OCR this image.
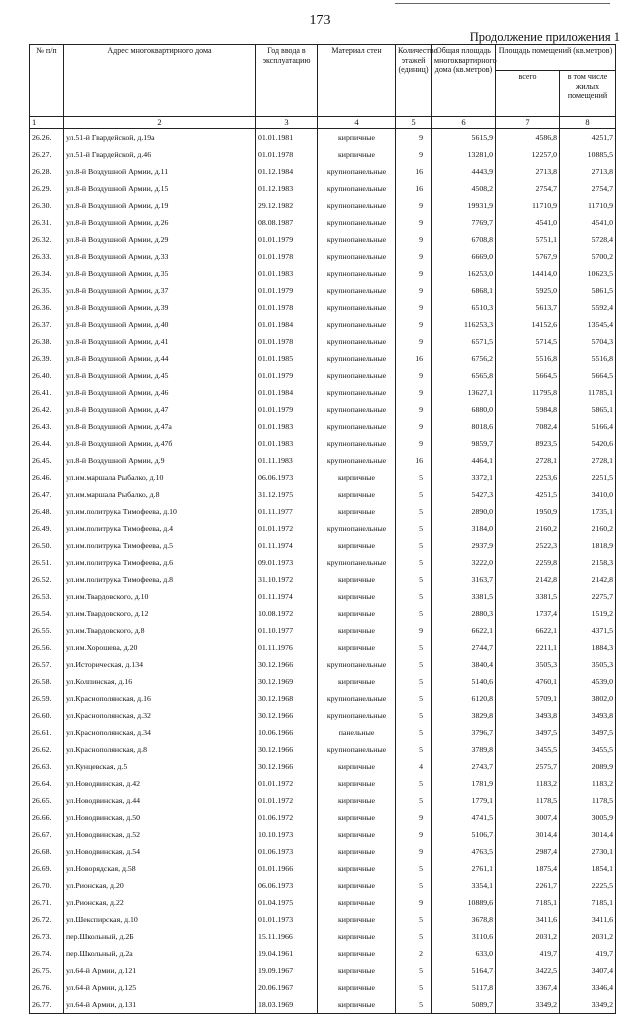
173
Продолжение приложения 1
№ п/п	Адрес многоквартирного дома	Год ввода в эксплуатацию	Материал стен	Количество этажей (единиц)	Общая площадь многоквартирного дома (кв.метров)	Площадь помещений (кв.метров)	
						всего	в том числе жилых помещений
1	2	3	4	5	6	7	8
26.26.	ул.51-й Гвардейской, д.19а	01.01.1981	кирпичные	9	5615,9	4586,8	4251,7
26.27.	ул.51-й Гвардейской, д.46	01.01.1978	кирпичные	9	13281,0	12257,0	10885,5
26.28.	ул.8-й Воздушной Армии, д.11	01.12.1984	крупнопанельные	16	4443,9	2713,8	2713,8
26.29.	ул.8-й Воздушной Армии, д.15	01.12.1983	крупнопанельные	16	4508,2	2754,7	2754,7
26.30.	ул.8-й Воздушной Армии, д.19	29.12.1982	крупнопанельные	9	19931,9	11710,9	11710,9
26.31.	ул.8-й Воздушной Армии, д.26	08.08.1987	крупнопанельные	9	7769,7	4541,0	4541,0
26.32.	ул.8-й Воздушной Армии, д.29	01.01.1979	крупнопанельные	9	6708,8	5751,1	5728,4
26.33.	ул.8-й Воздушной Армии, д.33	01.01.1978	крупнопанельные	9	6669,0	5767,9	5700,2
26.34.	ул.8-й Воздушной Армии, д.35	01.01.1983	крупнопанельные	9	16253,0	14414,0	10623,5
26.35.	ул.8-й Воздушной Армии, д.37	01.01.1979	крупнопанельные	9	6868,1	5925,0	5861,5
26.36.	ул.8-й Воздушной Армии, д.39	01.01.1978	крупнопанельные	9	6510,3	5613,7	5592,4
26.37.	ул.8-й Воздушной Армии, д.40	01.01.1984	крупнопанельные	9	116253,3	14152,6	13545,4
26.38.	ул.8-й Воздушной Армии, д.41	01.01.1978	крупнопанельные	9	6571,5	5714,5	5704,3
26.39.	ул.8-й Воздушной Армии, д.44	01.01.1985	крупнопанельные	16	6756,2	5516,8	5516,8
26.40.	ул.8-й Воздушной Армии, д.45	01.01.1979	крупнопанельные	9	6565,8	5664,5	5664,5
26.41.	ул.8-й Воздушной Армии, д.46	01.01.1984	крупнопанельные	9	13627,1	11795,8	11785,1
26.42.	ул.8-й Воздушной Армии, д.47	01.01.1979	крупнопанельные	9	6880,0	5984,8	5865,1
26.43.	ул.8-й Воздушной Армии, д.47а	01.01.1983	крупнопанельные	9	8018,6	7082,4	5166,4
26.44.	ул.8-й Воздушной Армии, д.47б	01.01.1983	крупнопанельные	9	9859,7	8923,5	5420,6
26.45.	ул.8-й Воздушной Армии, д.9	01.11.1983	крупнопанельные	16	4464,1	2728,1	2728,1
26.46.	ул.им.маршала Рыбалко, д.10	06.06.1973	кирпичные	5	3372,1	2253,6	2251,5
26.47.	ул.им.маршала Рыбалко, д.8	31.12.1975	кирпичные	5	5427,3	4251,5	3410,0
26.48.	ул.им.политрука Тимофеева, д.10	01.11.1977	кирпичные	5	2890,0	1950,9	1735,1
26.49.	ул.им.политрука Тимофеева, д.4	01.01.1972	крупнопанельные	5	3184,0	2160,2	2160,2
26.50.	ул.им.политрука Тимофеева, д.5	01.11.1974	кирпичные	5	2937,9	2522,3	1818,9
26.51.	ул.им.политрука Тимофеева, д.6	09.01.1973	крупнопанельные	5	3222,0	2259,8	2158,3
26.52.	ул.им.политрука Тимофеева, д.8	31.10.1972	кирпичные	5	3163,7	2142,8	2142,8
26.53.	ул.им.Твардовского, д.10	01.11.1974	кирпичные	5	3381,5	3381,5	2275,7
26.54.	ул.им.Твардовского, д.12	10.08.1972	кирпичные	5	2880,3	1737,4	1519,2
26.55.	ул.им.Твардовского, д.8	01.10.1977	кирпичные	9	6622,1	6622,1	4371,5
26.56.	ул.им.Хорошева, д.20	01.11.1976	кирпичные	5	2744,7	2211,1	1884,3
26.57.	ул.Историческая, д.134	30.12.1966	крупнопанельные	5	3840,4	3505,3	3505,3
26.58.	ул.Колпинская, д.16	30.12.1969	кирпичные	5	5140,6	4760,1	4539,0
26.59.	ул.Краснополянская, д.16	30.12.1968	крупнопанельные	5	6120,8	5709,1	3802,0
26.60.	ул.Краснополянская, д.32	30.12.1966	крупнопанельные	5	3829,8	3493,8	3493,8
26.61.	ул.Краснополянская, д.34	10.06.1966	панельные	5	3796,7	3497,5	3497,5
26.62.	ул.Краснополянская, д.8	30.12.1966	крупнопанельные	5	3789,8	3455,5	3455,5
26.63.	ул.Кунцевская, д.5	30.12.1966	кирпичные	4	2743,7	2575,7	2089,9
26.64.	ул.Новодвинская, д.42	01.01.1972	кирпичные	5	1781,9	1183,2	1183,2
26.65.	ул.Новодвинская, д.44	01.01.1972	кирпичные	5	1779,1	1178,5	1178,5
26.66.	ул.Новодвинская, д.50	01.06.1972	кирпичные	9	4741,5	3007,4	3005,9
26.67.	ул.Новодвинская, д.52	10.10.1973	кирпичные	9	5106,7	3014,4	3014,4
26.68.	ул.Новодвинская, д.54	01.06.1973	кирпичные	9	4763,5	2987,4	2730,1
26.69.	ул.Новорядская, д.58	01.01.1966	кирпичные	5	2761,1	1875,4	1854,1
26.70.	ул.Рионская, д.20	06.06.1973	кирпичные	5	3354,1	2261,7	2225,5
26.71.	ул.Рионская, д.22	01.04.1975	кирпичные	9	10889,6	7185,1	7185,1
26.72.	ул.Шекспирская, д.10	01.01.1973	кирпичные	5	3678,8	3411,6	3411,6
26.73.	пер.Школьный, д.2Б	15.11.1966	кирпичные	5	3110,6	2031,2	2031,2
26.74.	пер.Школьный, д.2а	19.04.1961	кирпичные	2	633,0	419,7	419,7
26.75.	ул.64-й Армии, д.121	19.09.1967	кирпичные	5	5164,7	3422,5	3407,4
26.76.	ул.64-й Армии, д.125	20.06.1967	кирпичные	5	5117,8	3367,4	3346,4
26.77.	ул.64-й Армии, д.131	18.03.1969	кирпичные	5	5089,7	3349,2	3349,2
